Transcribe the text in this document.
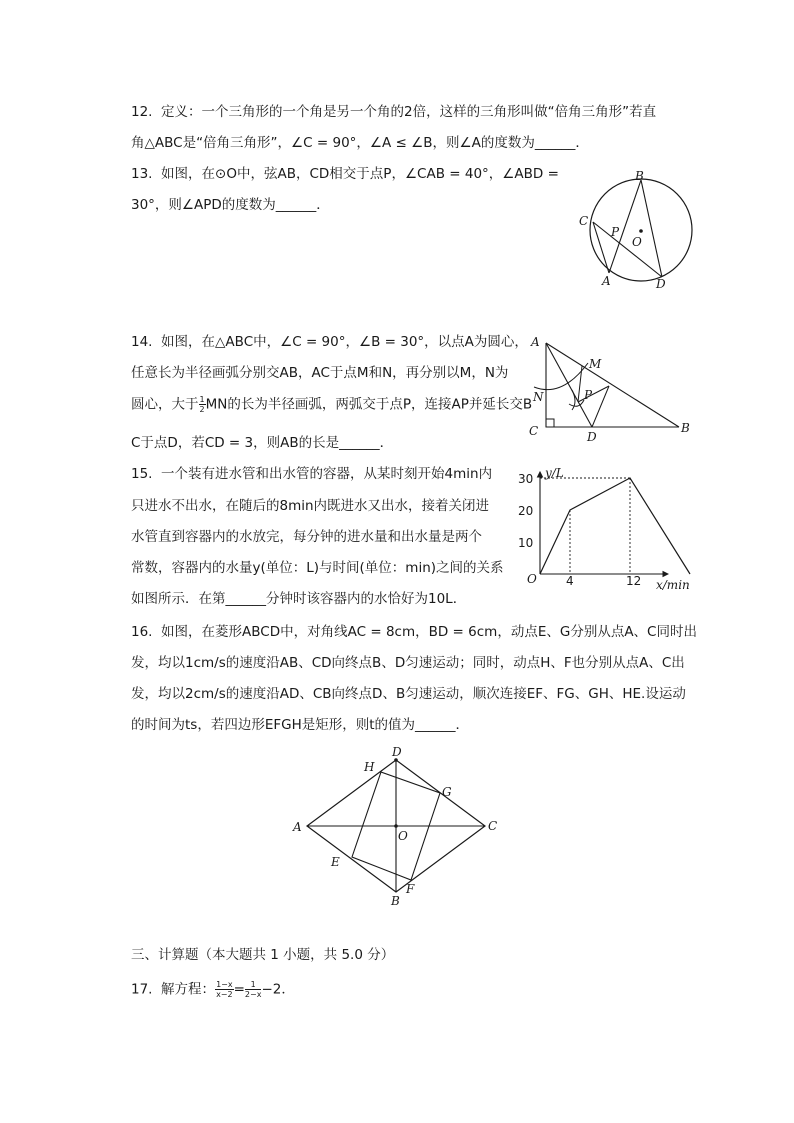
12.  定义：一个三角形的一个角是另一个角的2倍，这样的三角形叫做“倍角三角形”若直
角△ABC是“倍角三角形”，∠C = 90°，∠A ≤ ∠B，则∠A的度数为______．
13.  如图，在⊙O中，弦AB，CD相交于点P，∠CAB = 40°，∠ABD =
30°，则∠APD的度数为______．
B
C
P
O
A	D
14.  如图，在△ABC中，∠C = 90°，∠B = 30°，以点A为圆心，
任意长为半径画弧分别交AB，AC于点M和N，再分别以M，N为
圆心，大于 $\frac{1}{2}$ MN的长为半径画弧，两弧交于点P，连接AP并延长交B
C于点D，若CD = 3，则AB的长是______．
A
M
N	P
C	D
B
15.  一个装有进水管和出水管的容器，从某时刻开始4min内
只进水不出水，在随后的8min内既进水又出水，接着关闭进
水管直到容器内的水放完，每分钟的进水量和出水量是两个
常数，容器内的水量y(单位：L)与时间(单位：min)之间的关系
如图所示．在第______分钟时该容器内的水恰好为10L．
y/L
x/min
O 4	12
10
20
30
16.  如图，在菱形ABCD中，对角线AC = 8cm，BD = 6cm，动点E、G分别从点A、C同时出
发，均以1cm/s的速度沿AB、CD向终点B、D匀速运动；同时，动点H、F也分别从点A、C出
发，均以2cm/s的速度沿AD、CB向终点D、B匀速运动，顺次连接EF、FG、GH、HE.设运动
的时间为ts，若四边形EFGH是矩形，则t的值为______．
D
H
G
A
O
C
E
F
B
三、计算题（本大题共 1 小题，共 5.0 分）
17.  解方程： $\frac{1-x}{x-2} = \frac{1}{2-x} -2$．
